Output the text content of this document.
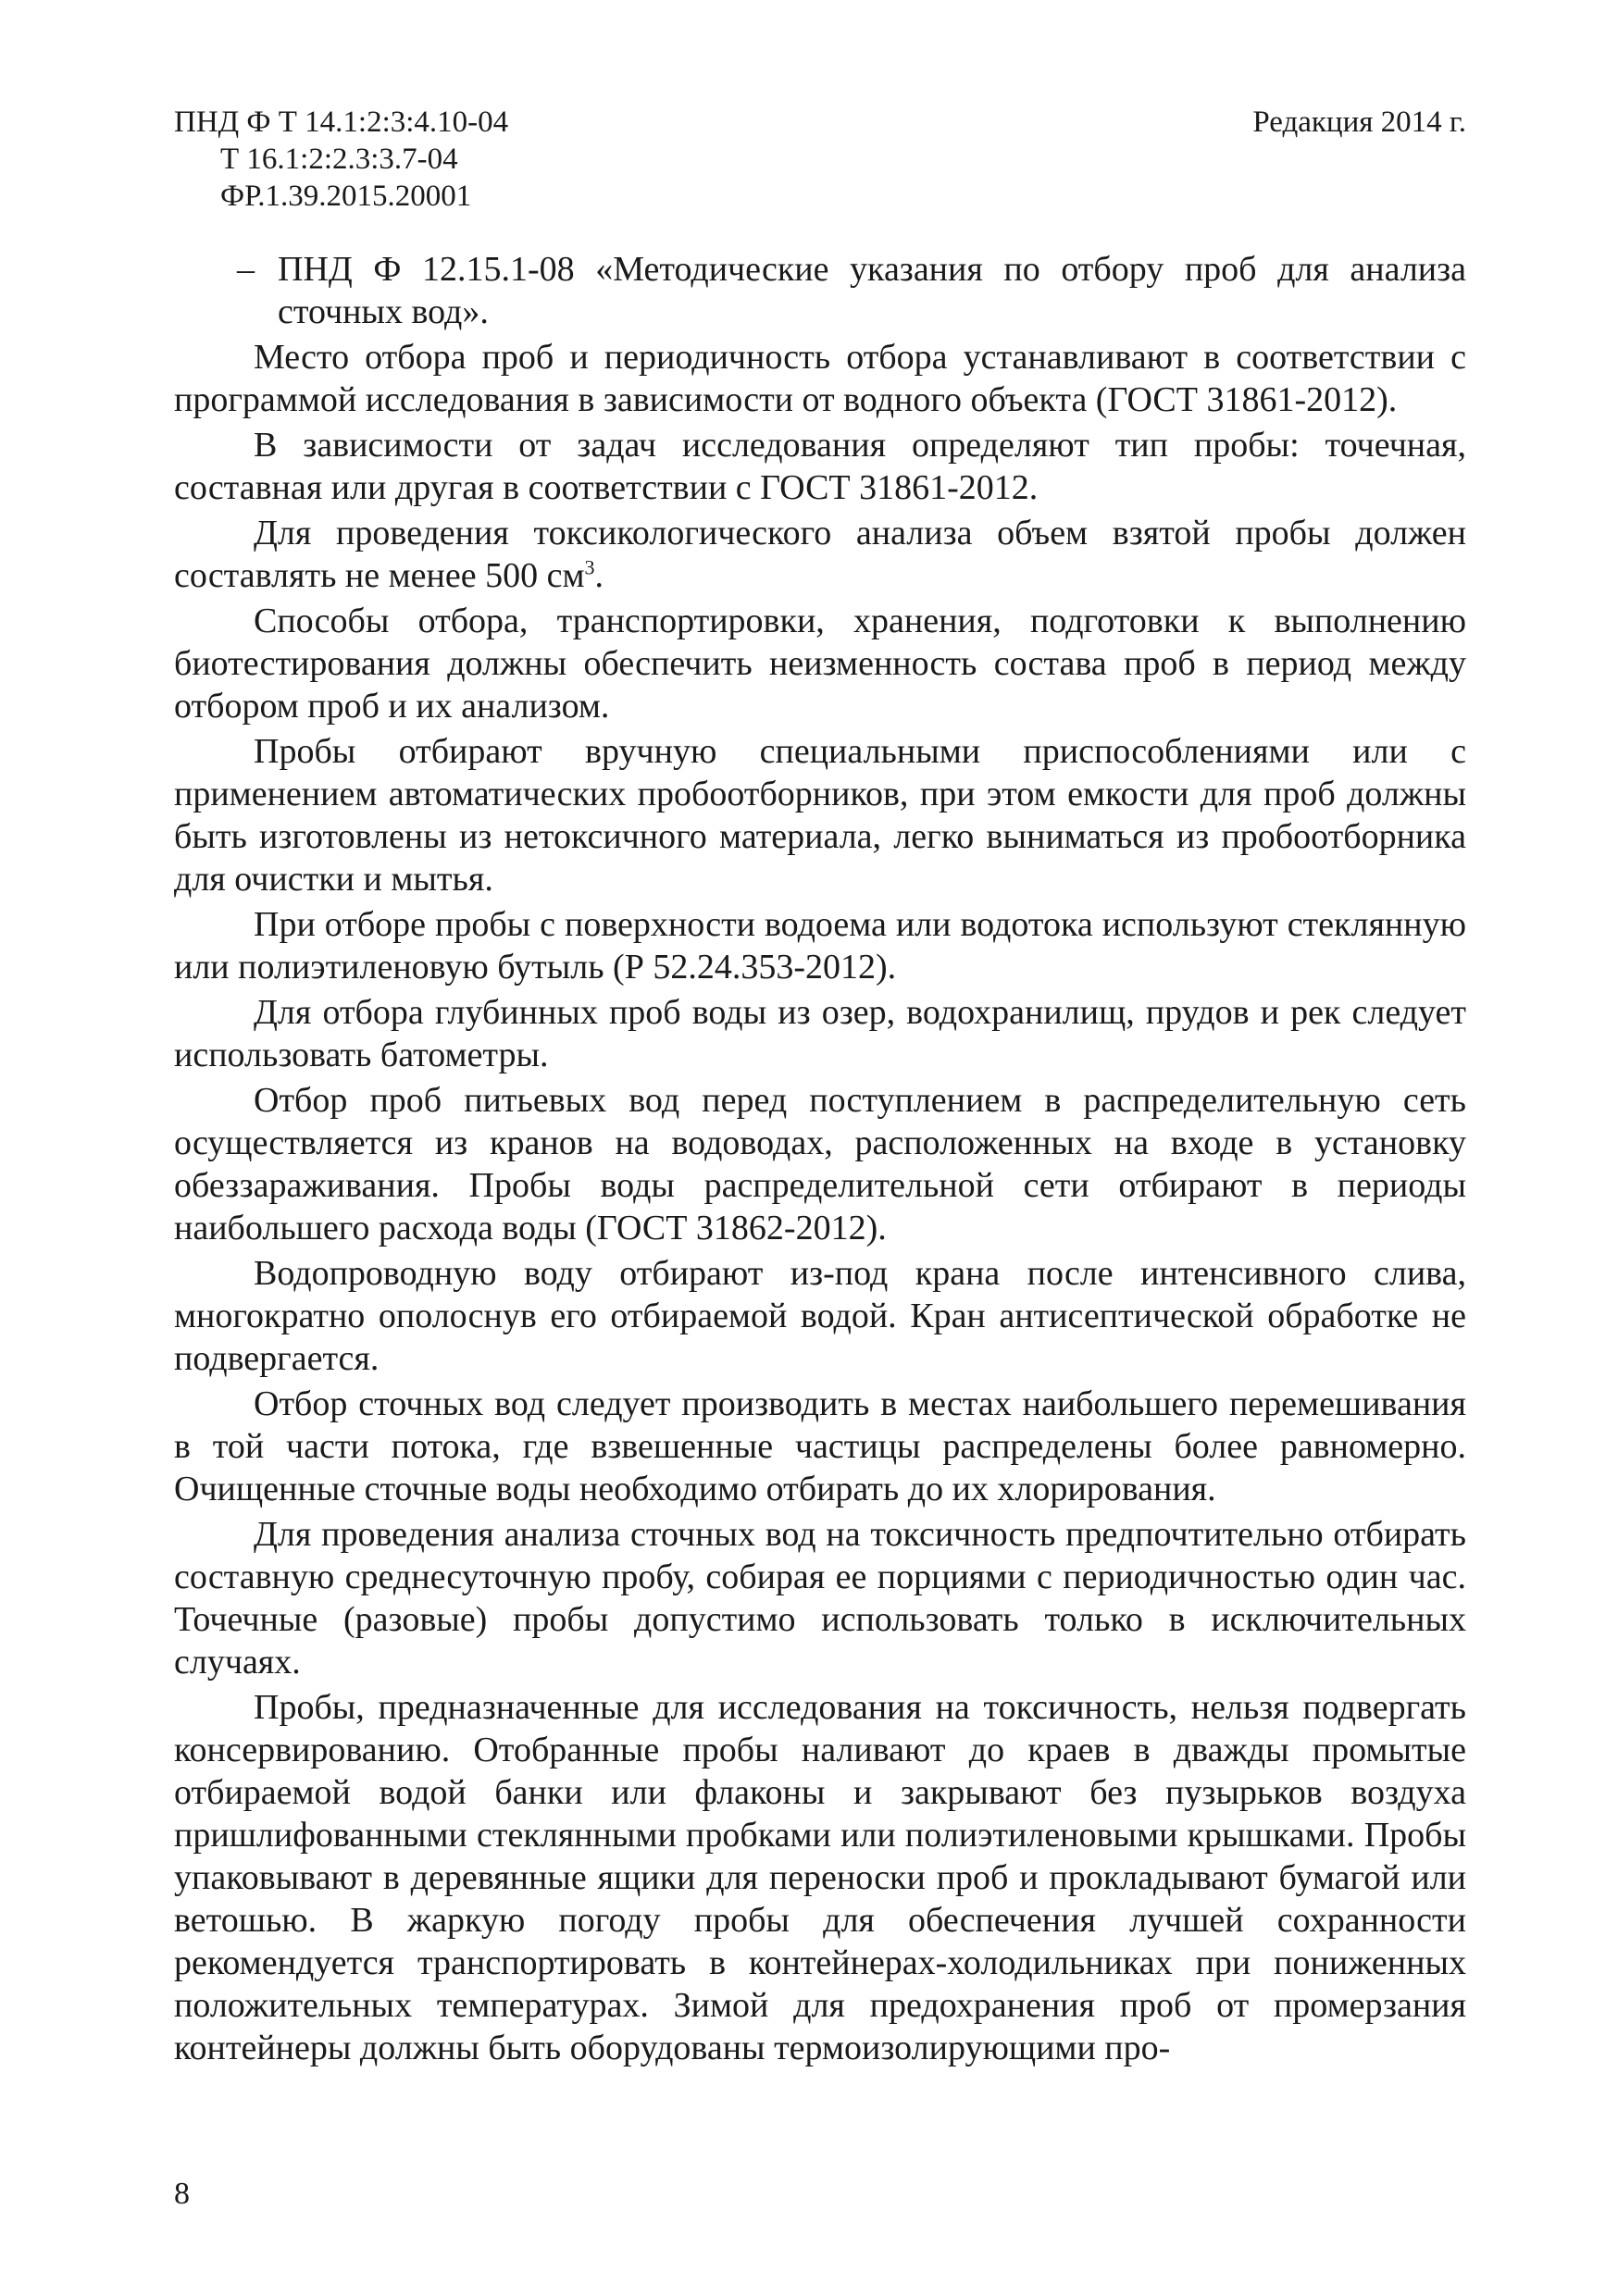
ПНД Ф Т 14.1:2:3:4.10-04
Т 16.1:2:2.3:3.7-04
ФР.1.39.2015.20001
Редакция 2014 г.

– ПНД Ф 12.15.1-08 «Методические указания по отбору проб для анализа сточных вод».

Место отбора проб и периодичность отбора устанавливают в соответствии с программой исследования в зависимости от водного объекта (ГОСТ 31861-2012).

В зависимости от задач исследования определяют тип пробы: точечная, составная или другая в соответствии с ГОСТ 31861-2012.

Для проведения токсикологического анализа объем взятой пробы должен составлять не менее 500 $см^3$.

Способы отбора, транспортировки, хранения, подготовки к выполнению биотестирования должны обеспечить неизменность состава проб в период между отбором проб и их анализом.

Пробы отбирают вручную специальными приспособлениями или с применением автоматических пробоотборников, при этом емкости для проб должны быть изготовлены из нетоксичного материала, легко выниматься из пробоотборника для очистки и мытья.

При отборе пробы с поверхности водоема или водотока используют стеклянную или полиэтиленовую бутыль (Р 52.24.353-2012).

Для отбора глубинных проб воды из озер, водохранилищ, прудов и рек следует использовать батометры.

Отбор проб питьевых вод перед поступлением в распределительную сеть осуществляется из кранов на водоводах, расположенных на входе в установку обеззараживания. Пробы воды распределительной сети отбирают в периоды наибольшего расхода воды (ГОСТ 31862-2012).

Водопроводную воду отбирают из-под крана после интенсивного слива, многократно ополоснув его отбираемой водой. Кран антисептической обработке не подвергается.

Отбор сточных вод следует производить в местах наибольшего перемешивания в той части потока, где взвешенные частицы распределены более равномерно. Очищенные сточные воды необходимо отбирать до их хлорирования.

Для проведения анализа сточных вод на токсичность предпочтительно отбирать составную среднесуточную пробу, собирая ее порциями с периодичностью один час. Точечные (разовые) пробы допустимо использовать только в исключительных случаях.

Пробы, предназначенные для исследования на токсичность, нельзя подвергать консервированию. Отобранные пробы наливают до краев в дважды промытые отбираемой водой банки или флаконы и закрывают без пузырьков воздуха пришлифованными стеклянными пробками или полиэтиленовыми крышками. Пробы упаковывают в деревянные ящики для переноски проб и прокладывают бумагой или ветошью. В жаркую погоду пробы для обеспечения лучшей сохранности рекомендуется транспортировать в контейнерах-холодильниках при пониженных положительных температурах. Зимой для предохранения проб от промерзания контейнеры должны быть оборудованы термоизолирующими про-

8
